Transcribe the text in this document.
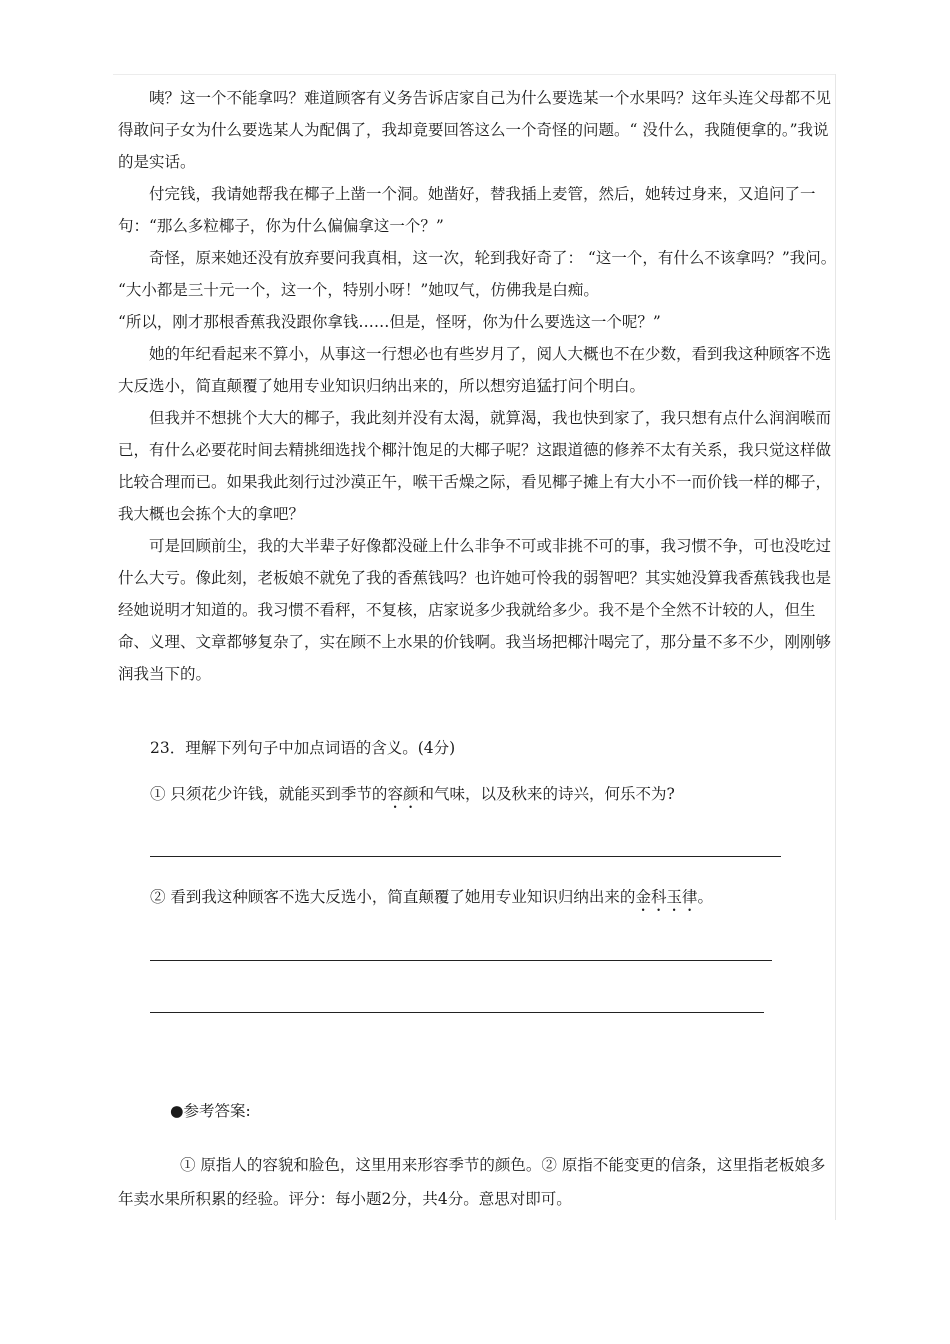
咦？这一个不能拿吗？难道顾客有义务告诉店家自己为什么要选某一个水果吗？这年头连父母都不见得敢问子女为什么要选某人为配偶了，我却竟要回答这么一个奇怪的问题。“ 没什么，我随便拿的。”我说的是实话。

付完钱，我请她帮我在椰子上凿一个洞。她凿好，替我插上麦管，然后，她转过身来，又追问了一句：“那么多粒椰子，你为什么偏偏拿这一个？”

奇怪，原来她还没有放弃要问我真相，这一次，轮到我好奇了： “这一个，有什么不该拿吗？”我问。 “大小都是三十元一个，这一个，特别小呀！”她叹气，仿佛我是白痴。

“所以，刚才那根香蕉我没跟你拿钱……但是，怪呀，你为什么要选这一个呢？”

她的年纪看起来不算小，从事这一行想必也有些岁月了，阅人大概也不在少数，看到我这种顾客不选大反选小，简直颠覆了她用专业知识归纳出来的，所以想穷追猛打问个明白。

但我并不想挑个大大的椰子，我此刻并没有太渴，就算渴，我也快到家了，我只想有点什么润润喉而已，有什么必要花时间去精挑细选找个椰汁饱足的大椰子呢？这跟道德的修养不太有关系，我只觉这样做比较合理而已。如果我此刻行过沙漠正午，喉干舌燥之际，看见椰子摊上有大小不一而价钱一样的椰子，我大概也会拣个大的拿吧？

可是回顾前尘，我的大半辈子好像都没碰上什么非争不可或非挑不可的事，我习惯不争，可也没吃过什么大亏。像此刻，老板娘不就免了我的香蕉钱吗？也许她可怜我的弱智吧？其实她没算我香蕉钱我也是经她说明才知道的。我习惯不看秤，不复核，店家说多少我就给多少。我不是个全然不计较的人，但生命、义理、文章都够复杂了，实在顾不上水果的价钱啊。我当场把椰汁喝完了，那分量不多不少，刚刚够润我当下的。

23．理解下列句子中加点词语的含义。(4分)
① 只须花少许钱，就能买到季节的容颜和气味，以及秋来的诗兴，何乐不为?
② 看到我这种顾客不选大反选小，简直颠覆了她用专业知识归纳出来的金科玉律。
●参考答案:

① 原指人的容貌和脸色，这里用来形容季节的颜色。② 原指不能变更的信条，这里指老板娘多年卖水果所积累的经验。评分：每小题2分，共4分。意思对即可。
